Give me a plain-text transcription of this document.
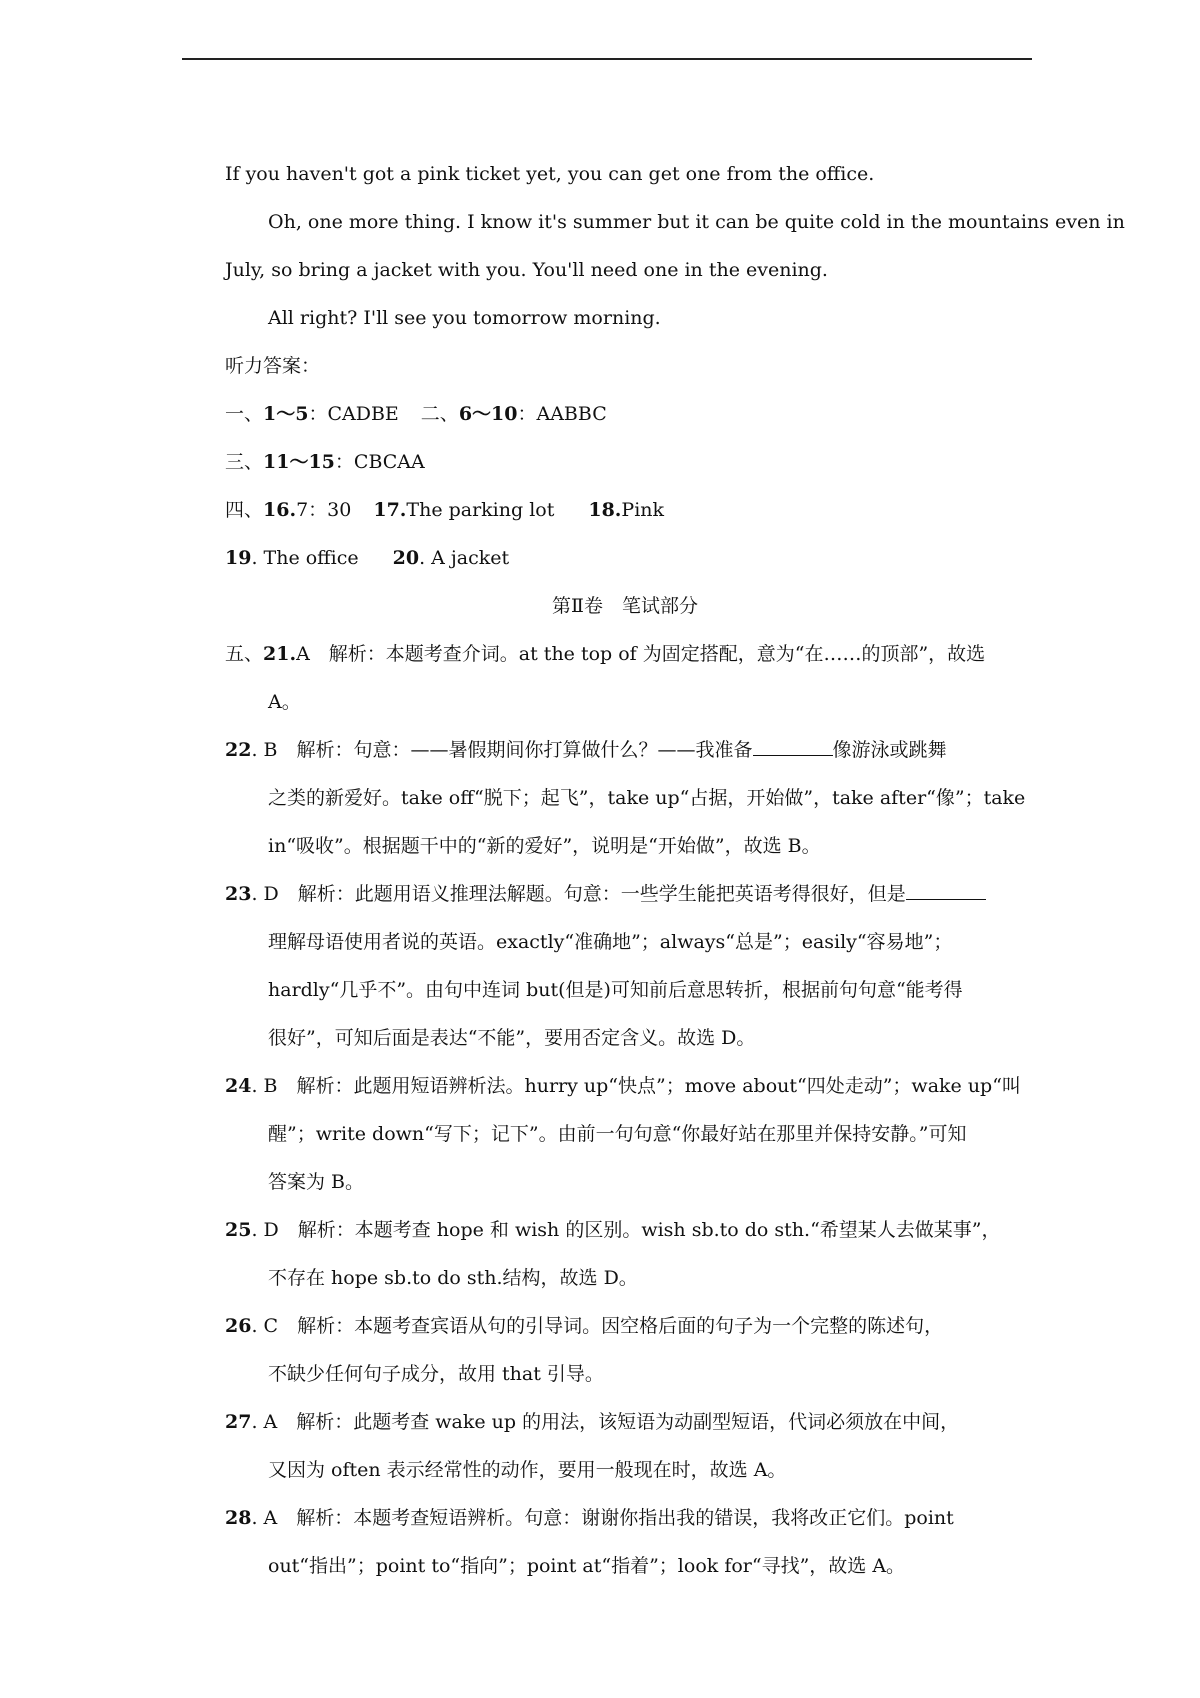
If you haven't got a pink ticket yet, you can get one from the office.
Oh, one more thing. I know it's summer but it can be quite cold in the mountains even in
July, so bring a jacket with you. You'll need one in the evening.
All right? I'll see you tomorrow morning.
听力答案：
一、1～5：CADBE 二、6～10：AABBC
三、11～15：CBCAA
四、16.7：30 17.The parking lot 18.Pink
19. The office 20. A jacket
第Ⅱ卷　笔试部分
五、21.A　解析：本题考查介词。at the top of 为固定搭配，意为“在……的顶部”，故选
A。
22. B　解析：句意：——暑假期间你打算做什么？——我准备	像游泳或跳舞
之类的新爱好。take off“脱下；起飞”，take up“占据，开始做”，take after“像”；take
in“吸收”。根据题干中的“新的爱好”，说明是“开始做”，故选 B。
23. D　解析：此题用语义推理法解题。句意：一些学生能把英语考得很好，但是
理解母语使用者说的英语。exactly“准确地”；always“总是”；easily“容易地”；
hardly“几乎不”。由句中连词 but(但是)可知前后意思转折，根据前句句意“能考得
很好”，可知后面是表达“不能”，要用否定含义。故选 D。
24. B　解析：此题用短语辨析法。hurry up“快点”；move about“四处走动”；wake up“叫
醒”；write down“写下；记下”。由前一句句意“你最好站在那里并保持安静。”可知
答案为 B。
25. D　解析：本题考查 hope 和 wish 的区别。wish sb.to do sth.“希望某人去做某事”，
不存在 hope sb.to do sth.结构，故选 D。
26. C　解析：本题考查宾语从句的引导词。因空格后面的句子为一个完整的陈述句，
不缺少任何句子成分，故用 that 引导。
27. A　解析：此题考查 wake up 的用法，该短语为动副型短语，代词必须放在中间，
又因为 often 表示经常性的动作，要用一般现在时，故选 A。
28. A　解析：本题考查短语辨析。句意：谢谢你指出我的错误，我将改正它们。point
out“指出”；point to“指向”；point at“指着”；look for“寻找”，故选 A。
